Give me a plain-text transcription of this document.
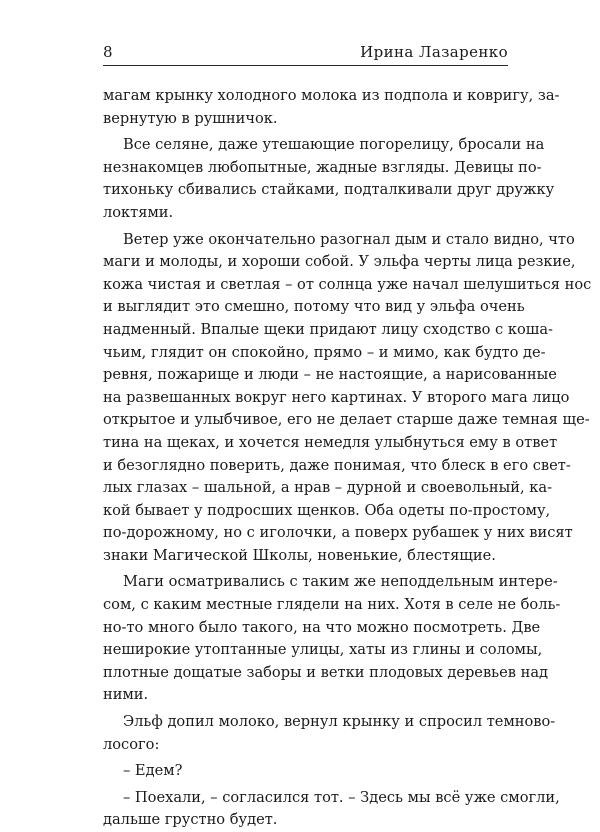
8	Ирина Лазаренко
магам крынку холодного молока из подпола и ковригу, за-
вернутую в рушничок.
Все селяне, даже утешающие погорелицу, бросали на
незнакомцев любопытные, жадные взгляды. Девицы по-
тихоньку сбивались стайками, подталкивали друг дружку
локтями.
Ветер уже окончательно разогнал дым и стало видно, что
маги и молоды, и хороши собой. У эльфа черты лица резкие,
кожа чистая и светлая – от солнца уже начал шелушиться нос
и выглядит это смешно, потому что вид у эльфа очень
надменный. Впалые щеки придают лицу сходство с коша-
чьим, глядит он спокойно, прямо – и мимо, как будто де-
ревня, пожарище и люди – не настоящие, а нарисованные
на развешанных вокруг него картинах. У второго мага лицо
открытое и улыбчивое, его не делает старше даже темная ще-
тина на щеках, и хочется немедля улыбнуться ему в ответ
и безоглядно поверить, даже понимая, что блеск в его свет-
лых глазах – шальной, а нрав – дурной и своевольный, ка-
кой бывает у подросших щенков. Оба одеты по-простому,
по-дорожному, но с иголочки, а поверх рубашек у них висят
знаки Магической Школы, новенькие, блестящие.
Маги осматривались с таким же неподдельным интере-
сом, с каким местные глядели на них. Хотя в селе не боль-
но-то много было такого, на что можно посмотреть. Две
неширокие утоптанные улицы, хаты из глины и соломы,
плотные дощатые заборы и ветки плодовых деревьев над
ними.
Эльф допил молоко, вернул крынку и спросил темново-
лосого:
– Едем?
– Поехали, – согласился тот. – Здесь мы всё уже смогли,
дальше грустно будет.
